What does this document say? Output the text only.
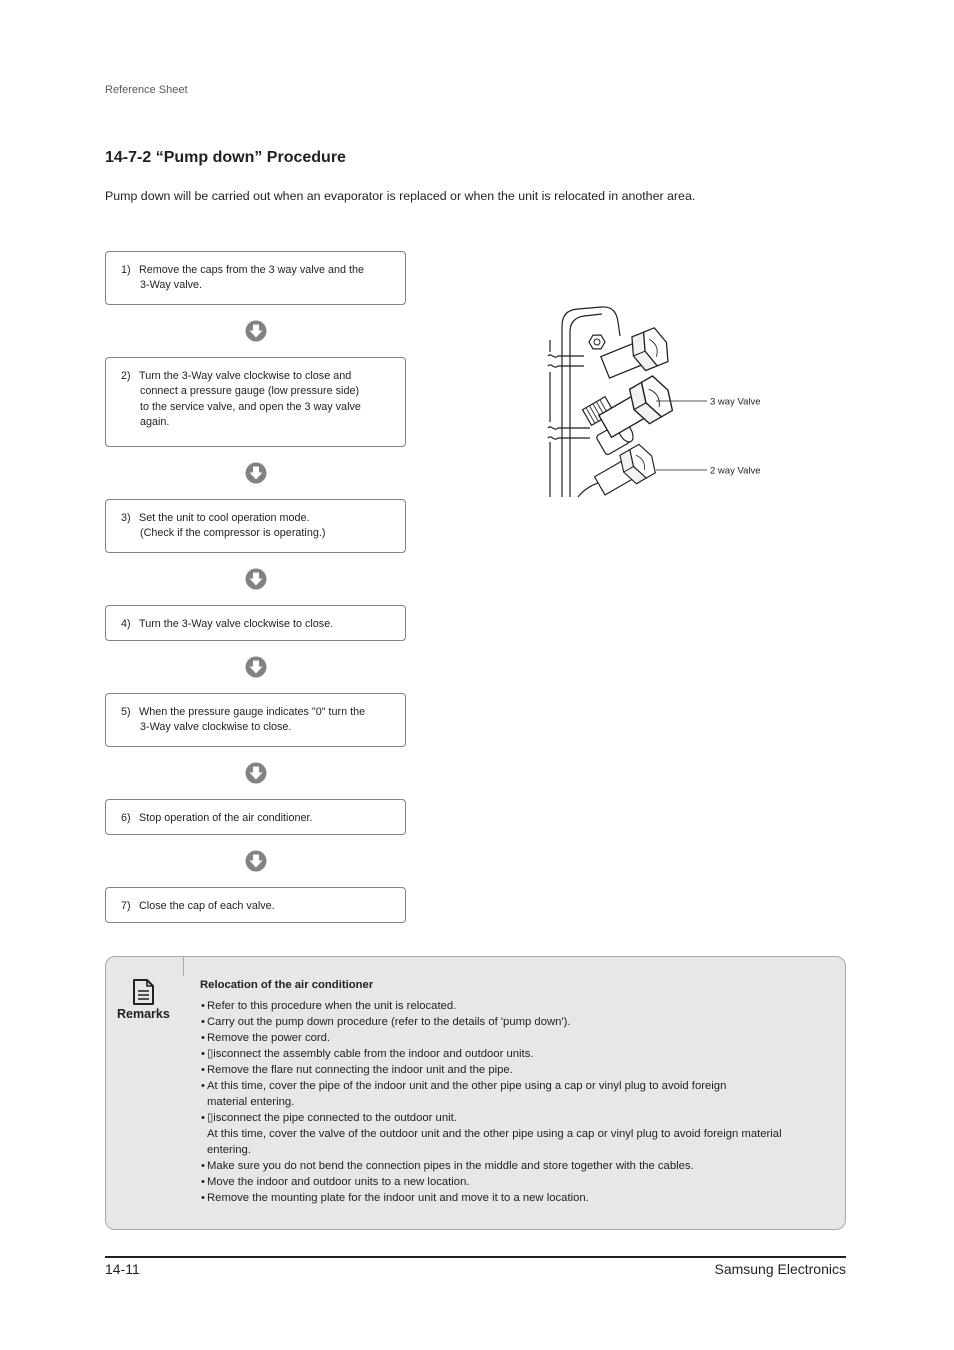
Reference Sheet
14-7-2 “Pump down” Procedure

Pump down will be carried out when an evaporator is replaced or when the unit is relocated in another area.

1) Remove the caps from the 3 way valve and the
3-Way valve.
2) Turn the 3-Way valve clockwise to close and
connect a pressure gauge (low pressure side)
to the service valve, and open the 3 way valve
again.
3) Set the unit to cool operation mode.
(Check if the compressor is operating.)
4) Turn the 3-Way valve clockwise to close.
5) When the pressure gauge indicates "0" turn the
3-Way valve clockwise to close.
6) Stop operation of the air conditioner.
7) Close the cap of each valve.
3 way Valve
2 way Valve
Remarks
Relocation of the air conditioner
• Refer to this procedure when the unit is relocated.
• Carry out the pump down procedure (refer to the details of 'pump down').
• Remove the power cord.
• ▯isconnect the assembly cable from the indoor and outdoor units.
• Remove the flare nut connecting the indoor unit and the pipe.
• At this time, cover the pipe of the indoor unit and the other pipe using a cap or vinyl plug to avoid foreign
material entering.
• ▯isconnect the pipe connected to the outdoor unit.
At this time, cover the valve of the outdoor unit and the other pipe using a cap or vinyl plug to avoid foreign material
entering.
• Make sure you do not bend the connection pipes in the middle and store together with the cables.
• Move the indoor and outdoor units to a new location.
• Remove the mounting plate for the indoor unit and move it to a new location.
14-11	Samsung Electronics
